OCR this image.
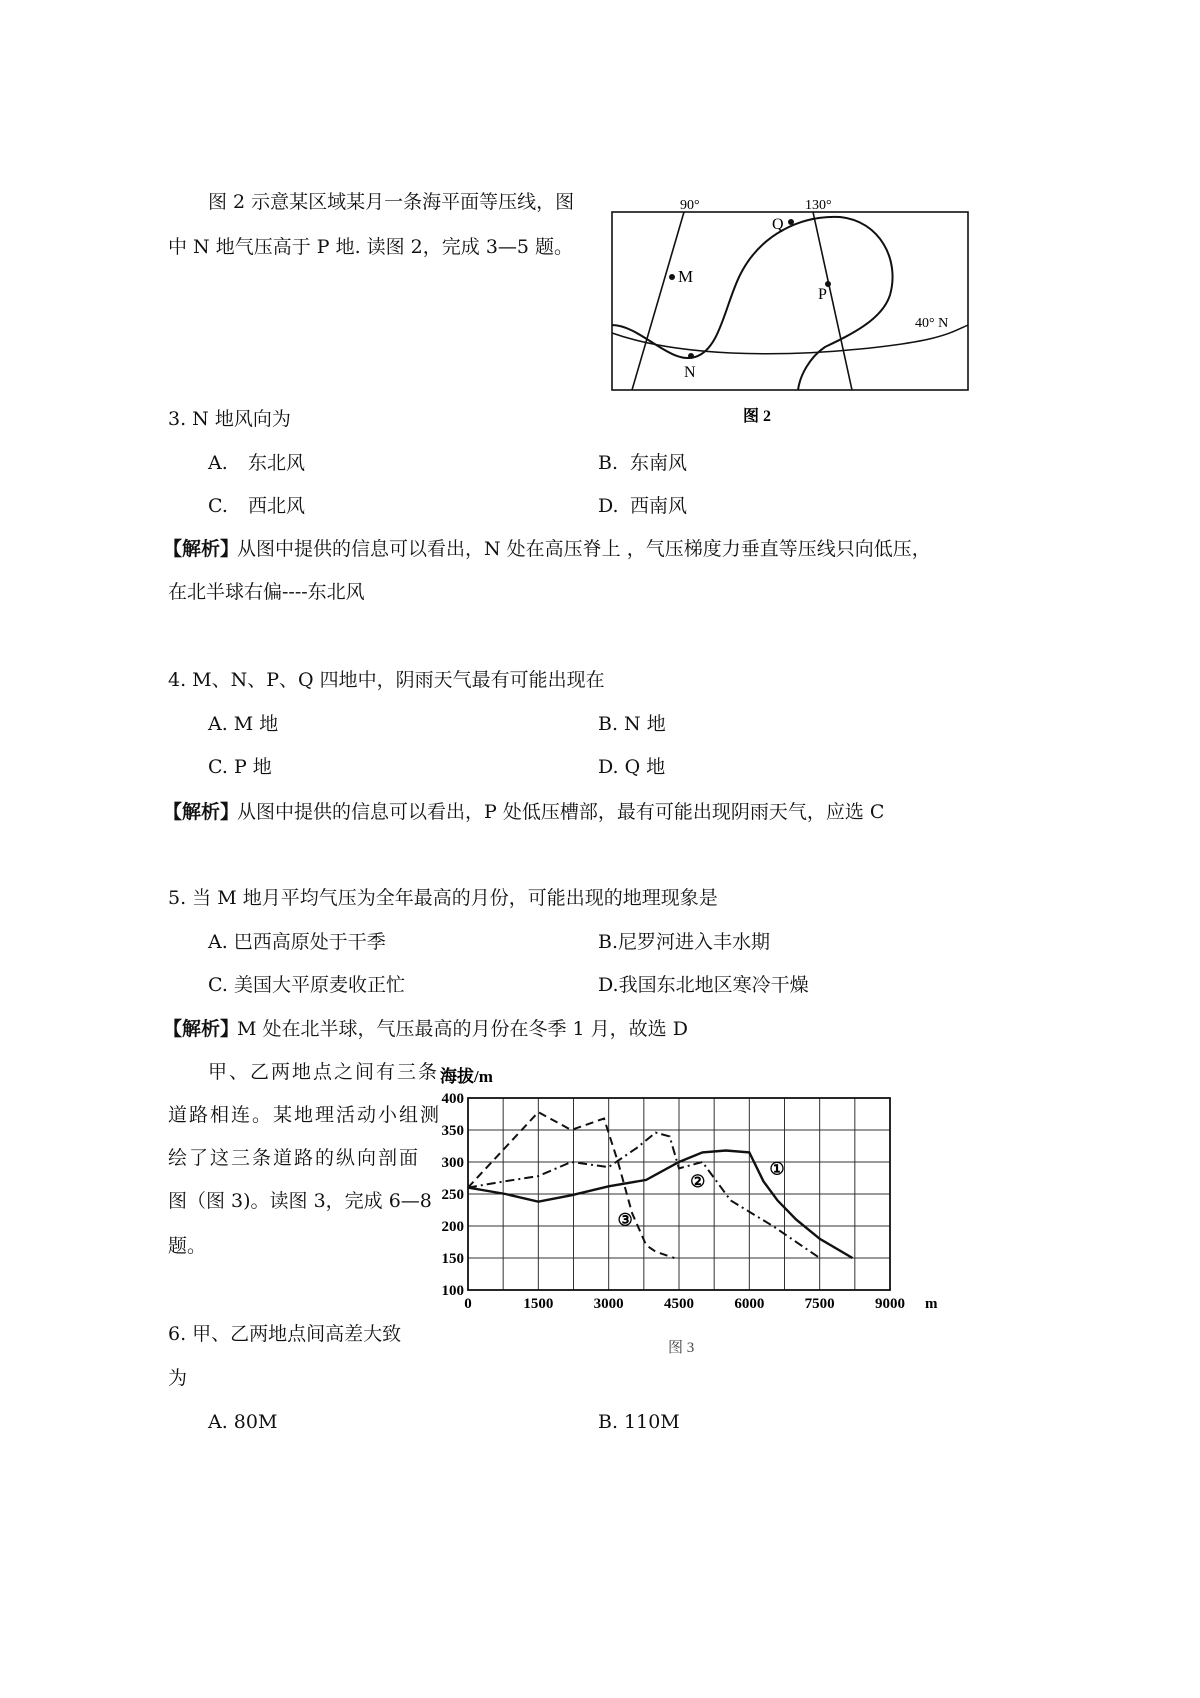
图 2 示意某区域某月一条海平面等压线，图
中 N 地气压高于 P 地. 读图 2，完成 3—5 题。
M
N
P
Q
90°	130°
40° N
图 2
3. N 地风向为
A. 东北风	B. 东南风
C. 西北风	D. 西南风
【解析】
从图中提供的信息可以看出，N 处在高压脊上 ，气压梯度力垂直等压线只向低压，
在北半球右偏----东北风
4. M、N、P、Q 四地中，阴雨天气最有可能出现在
A. M 地	B. N 地
C. P 地	D. Q 地
【解析】
从图中提供的信息可以看出，P 处低压槽部，最有可能出现阴雨天气，应选 C
5. 当 M 地月平均气压为全年最高的月份，可能出现的地理现象是
A. 巴西高原处于干季	B.尼罗河进入丰水期
C. 美国大平原麦收正忙	D.我国东北地区寒冷干燥
【解析】
M 处在北半球，气压最高的月份在冬季 1 月，故选 D
甲、乙两地点之间有三条
道路相连。某地理活动小组测
绘了这三条道路的纵向剖面
图（图 3)。读图 3，完成 6—8
题。
100
150
200
250
300
350
400
0	1500	3000	4500	6000	7500	9000
①
②
③
海拔/m
m
图 3
6. 甲、乙两地点间高差大致
为
A. 80M	B. 110M
